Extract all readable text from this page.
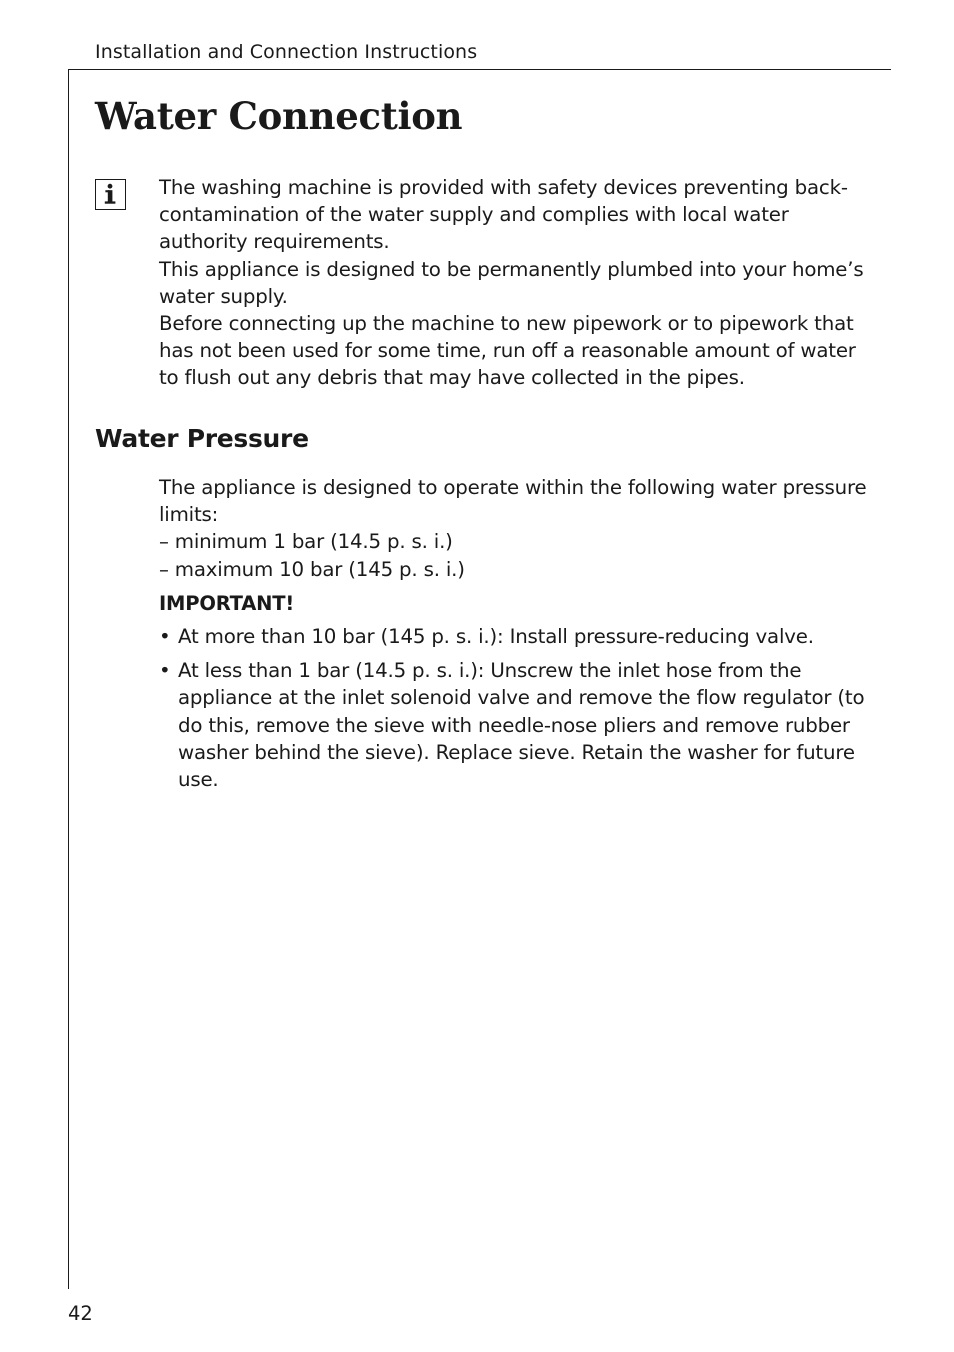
Installation and Connection Instructions
Water Connection

The washing machine is provided with safety devices preventing back-contamination of the water supply and complies with local water authority requirements.

This appliance is designed to be permanently plumbed into your home’s water supply.

Before connecting up the machine to new pipework or to pipework that has not been used for some time, run off a reasonable amount of water to flush out any debris that may have collected in the pipes.

Water Pressure

The appliance is designed to operate within the following water pressure limits:

– minimum 1 bar (14.5 p. s. i.)

– maximum 10 bar (145 p. s. i.)

IMPORTANT!
• At more than 10 bar (145 p. s. i.): Install pressure-reducing valve.
• At less than 1 bar (14.5 p. s. i.): Unscrew the inlet hose from the appliance at the inlet solenoid valve and remove the flow regulator (to do this, remove the sieve with needle-nose pliers and remove rubber washer behind the sieve). Replace sieve. Retain the washer for future use.
42
